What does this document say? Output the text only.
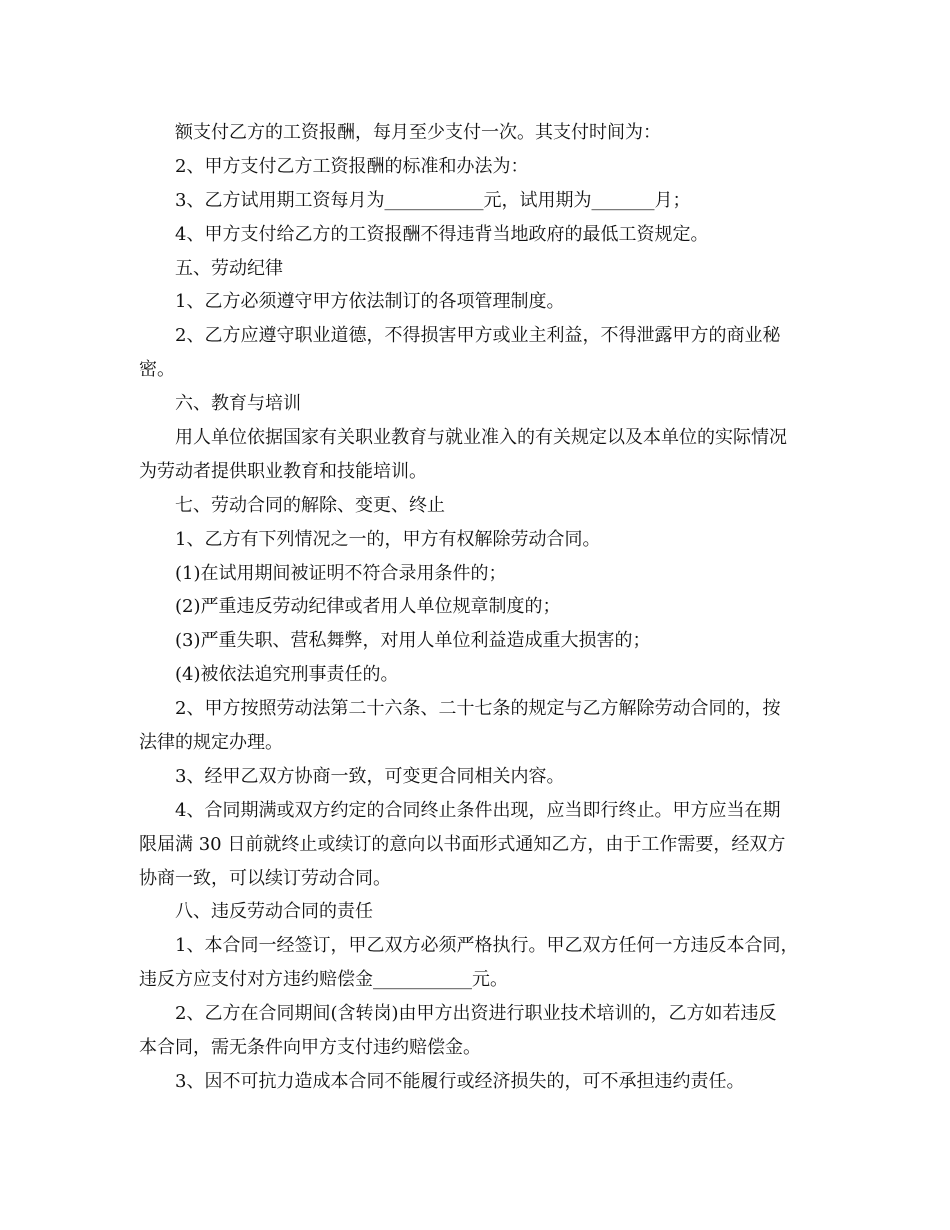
额支付乙方的工资报酬，每月至少支付一次。其支付时间为：
2、甲方支付乙方工资报酬的标准和办法为：
3、乙方试用期工资每月为___________元，试用期为_______月；
4、甲方支付给乙方的工资报酬不得违背当地政府的最低工资规定。
五、劳动纪律
1、乙方必须遵守甲方依法制订的各项管理制度。
2、乙方应遵守职业道德，不得损害甲方或业主利益，不得泄露甲方的商业秘
密。
六、教育与培训
用人单位依据国家有关职业教育与就业准入的有关规定以及本单位的实际情况
为劳动者提供职业教育和技能培训。
七、劳动合同的解除、变更、终止
1、乙方有下列情况之一的，甲方有权解除劳动合同。
(1)在试用期间被证明不符合录用条件的；
(2)严重违反劳动纪律或者用人单位规章制度的；
(3)严重失职、营私舞弊，对用人单位利益造成重大损害的；
(4)被依法追究刑事责任的。
2、甲方按照劳动法第二十六条、二十七条的规定与乙方解除劳动合同的，按
法律的规定办理。
3、经甲乙双方协商一致，可变更合同相关内容。
4、合同期满或双方约定的合同终止条件出现，应当即行终止。甲方应当在期
限届满 30 日前就终止或续订的意向以书面形式通知乙方，由于工作需要，经双方
协商一致，可以续订劳动合同。
八、违反劳动合同的责任
1、本合同一经签订，甲乙双方必须严格执行。甲乙双方任何一方违反本合同，
违反方应支付对方违约赔偿金___________元。
2、乙方在合同期间(含转岗)由甲方出资进行职业技术培训的，乙方如若违反
本合同，需无条件向甲方支付违约赔偿金。
3、因不可抗力造成本合同不能履行或经济损失的，可不承担违约责任。
